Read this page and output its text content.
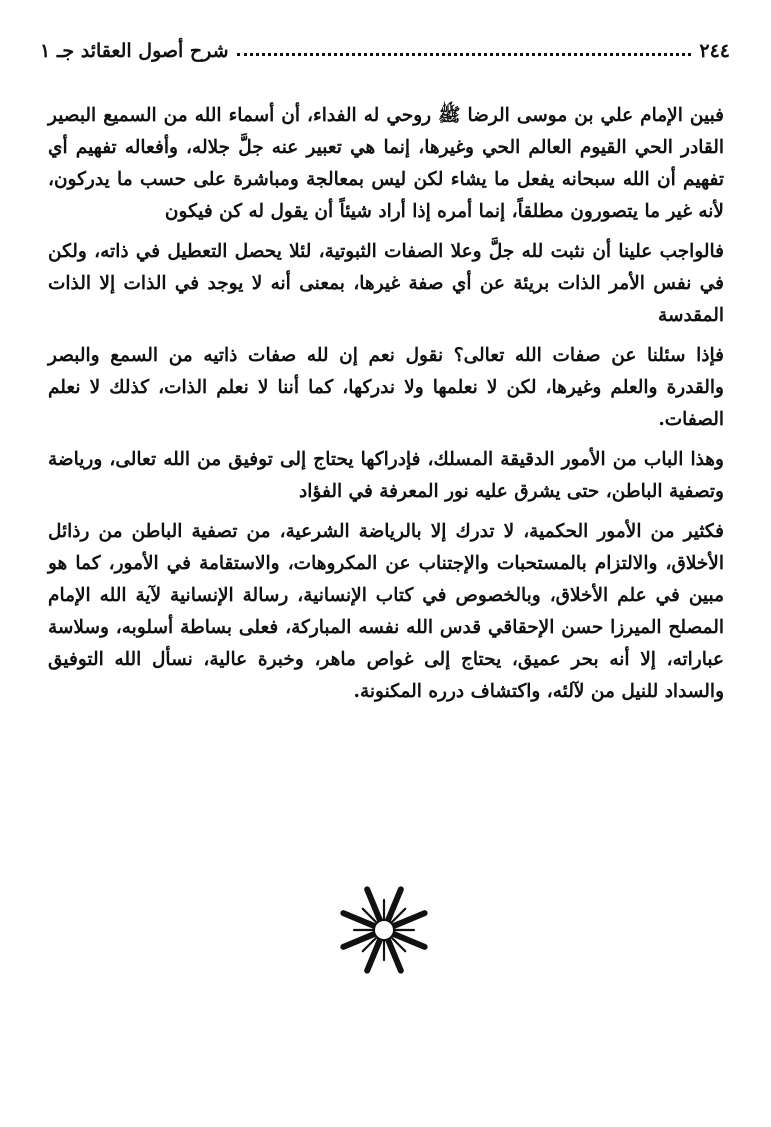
٢٤٤
شرح أصول العقائد جـ ١

فبين الإمام علي بن موسى الرضا ﷺ روحي له الفداء، أن أسماء الله من السميع البصير القادر الحي القيوم العالم الحي وغيرها، إنما هي تعبير عنه جلَّ جلاله، وأفعاله تفهيم أي تفهيم أن الله سبحانه يفعل ما يشاء لكن ليس بمعالجة ومباشرة على حسب ما يدركون، لأنه غير ما يتصورون مطلقاً، إنما أمره إذا أراد شيئاً أن يقول له كن فيكون

فالواجب علينا أن نثبت لله جلَّ وعلا الصفات الثبوتية، لئلا يحصل التعطيل في ذاته، ولكن في نفس الأمر الذات بريئة عن أي صفة غيرها، بمعنى أنه لا يوجد في الذات إلا الذات المقدسة

فإذا سئلنا عن صفات الله تعالى؟ نقول نعم إن لله صفات ذاتيه من السمع والبصر والقدرة والعلم وغيرها، لكن لا نعلمها ولا ندركها، كما أننا لا نعلم الذات، كذلك لا نعلم الصفات.

وهذا الباب من الأمور الدقيقة المسلك، فإدراكها يحتاج إلى توفيق من الله تعالى، ورياضة وتصفية الباطن، حتى يشرق عليه نور المعرفة في الفؤاد

فكثير من الأمور الحكمية، لا تدرك إلا بالرياضة الشرعية، من تصفية الباطن من رذائل الأخلاق، والالتزام بالمستحبات والإجتناب عن المكروهات، والاستقامة في الأمور، كما هو مبين في علم الأخلاق، وبالخصوص في كتاب الإنسانية، رسالة الإنسانية لآية الله الإمام المصلح الميرزا حسن الإحقاقي قدس الله نفسه المباركة، فعلى بساطة أسلوبه، وسلاسة عباراته، إلا أنه بحر عميق، يحتاج إلى غواص ماهر، وخبرة عالية، نسأل الله التوفيق والسداد للنيل من لآلئه، واكتشاف درره المكنونة.
